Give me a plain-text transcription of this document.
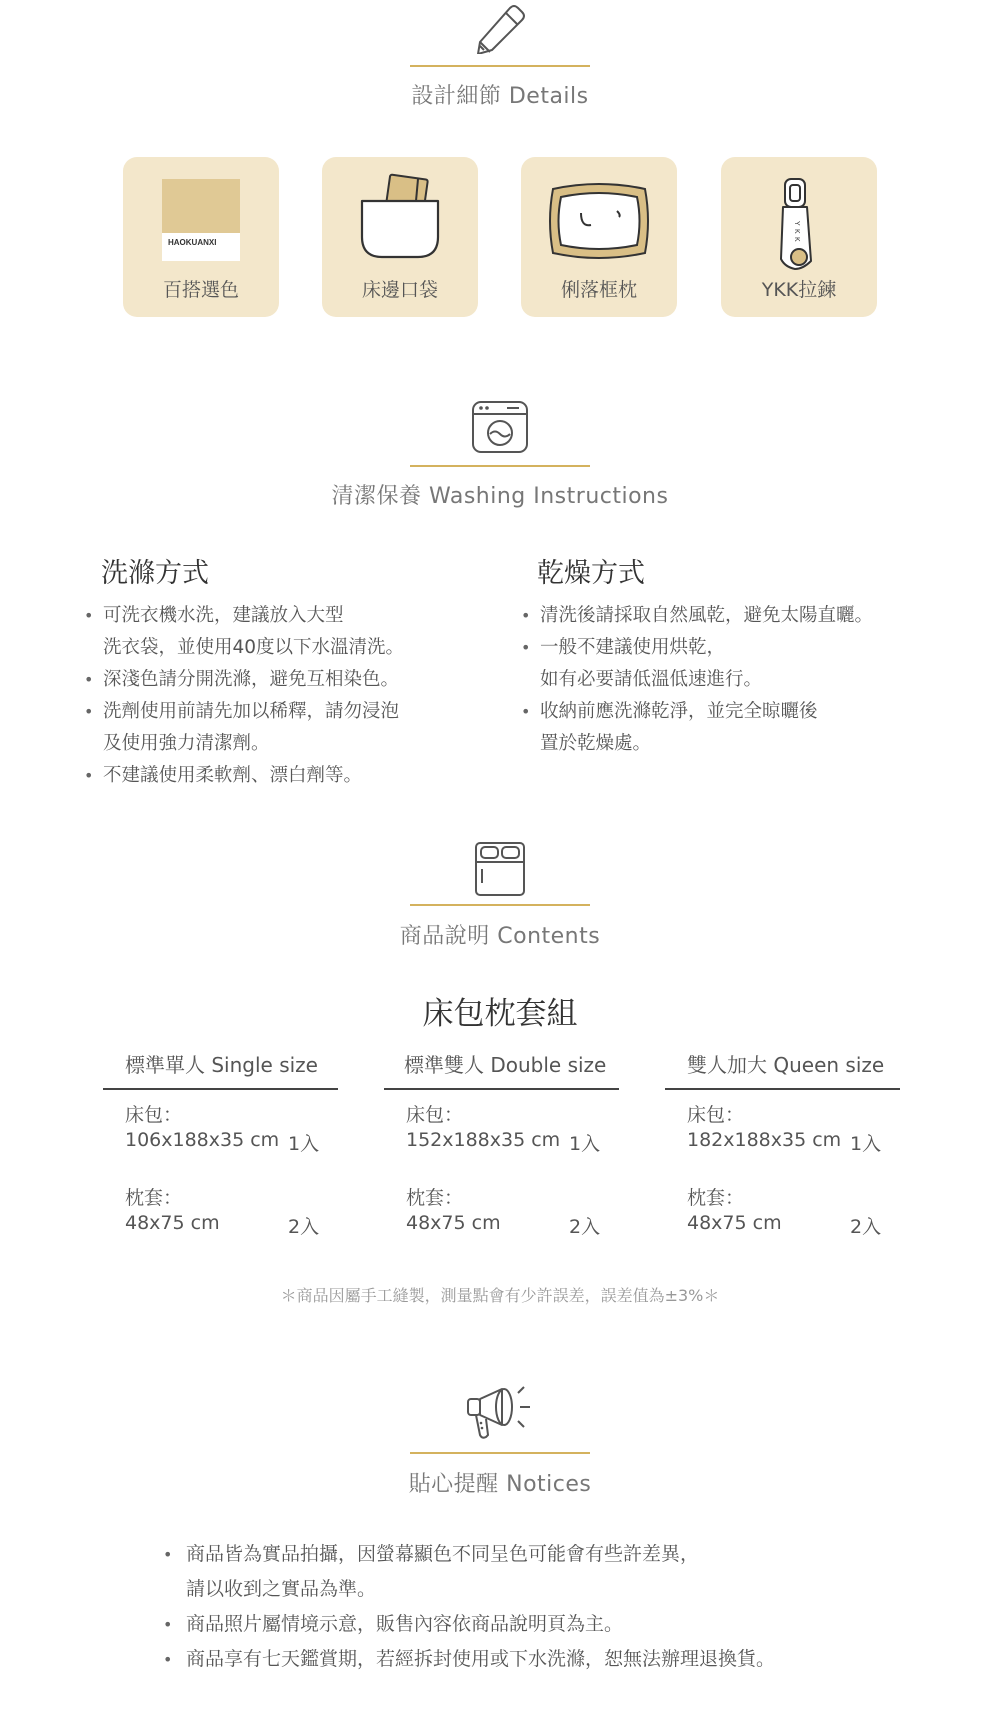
設計細節 Details
HAOKUANXI
百搭選色	床邊口袋	俐落框枕
Y
K
K
YKK拉鍊
清潔保養 Washing Instructions
洗滌方式
• 可洗衣機水洗，建議放入大型
洗衣袋，並使用40度以下水溫清洗。
• 深淺色請分開洗滌，避免互相染色。
• 洗劑使用前請先加以稀釋，請勿浸泡
及使用強力清潔劑。
• 不建議使用柔軟劑、漂白劑等。
乾燥方式
• 清洗後請採取自然風乾，避免太陽直曬。
• 一般不建議使用烘乾，
如有必要請低溫低速進行。
• 收納前應洗滌乾淨，並完全晾曬後
置於乾燥處。
商品說明 Contents
床包枕套組
標準單人 Single size
床包：
106x188x35 cm 1入
枕套：
48x75 cm	2入
標準雙人 Double size
床包：
152x188x35 cm 1入
枕套：
48x75 cm	2入
雙人加大 Queen size
床包：
182x188x35 cm 1入
枕套：
48x75 cm	2入
＊商品因屬手工縫製，測量點會有少許誤差，誤差值為±3%＊
貼心提醒 Notices
• 商品皆為實品拍攝，因螢幕顯色不同呈色可能會有些許差異，
請以收到之實品為準。
• 商品照片屬情境示意，販售內容依商品說明頁為主。
• 商品享有七天鑑賞期，若經拆封使用或下水洗滌，恕無法辦理退換貨。
